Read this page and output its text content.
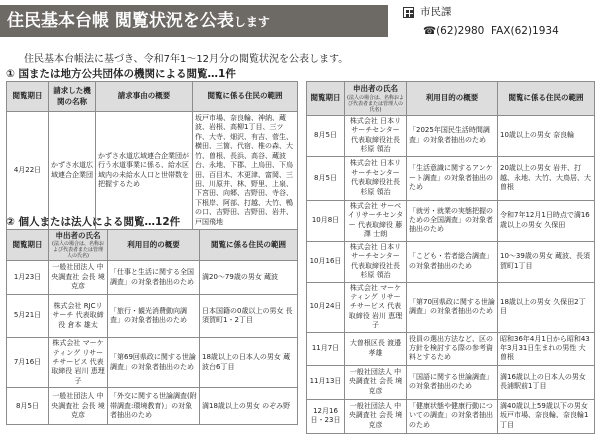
住民基本台帳 閲覧状況を公表します
市民課
☎(62)2980 FAX(62)1934
住民基本台帳法に基づき、令和7年1〜12月分の閲覧状況を公表します。
① 国または地方公共団体の機関による閲覧…1件
閲覧期日	請求した機関の名称	請求事由の概要	閲覧に係る住民の範囲
4月22日	かずさ水道広域連合企業団	かずさ水道広域連合企業団が行う水道事業に係る、給水区域内の未給水人口と世帯数を把握するため	坂戸市場、奈良輪、神納、蔵波、岩根、高柳1丁目、三ツ作、大寺、畑沢、有吉、菅生、横田、三箇、代宿、椎の森、大竹、曽根、長浜、高谷、蔵波台、永地、下郡、上烏田、下烏田、百目木、木更津、富岡、三田、川原井、林、野里、上泉、下宮田、向郷、吉野田、寺谷、下根岸、阿部、打越、大竹、鴨の口、吉野田、吉野田、岩井、戸国飛地
② 個人または法人による閲覧…12件
閲覧期日	申出者の氏名
(法人の場合は、名称および代表者または管理人の氏名)	利用目的の概要	閲覧に係る住民の範囲
1月23日	一般社団法人 中央調査社 会長 境 克彦	「仕事と生活に関する全国調査」の対象者抽出のため	満20〜79歳の男女 蔵波
5月21日	株式会社 RJCリサーチ 代表取締役 倉本 雄太	「旅行・観光消費動向調査」の対象者抽出のため	日本国籍の0歳以上の男女 長須賀町1・2丁目
7月16日	株式会社 マーケティング リサーチサービス 代表取締役 岩川 恵理子	「第69回県政に関する世論調査」の対象者抽出のため	18歳以上の日本人の男女 蔵波台6丁目
8月5日	一般社団法人 中央調査社 会長 境 克彦	「外交に関する世論調査(附帯調査:環境教育)」の対象者抽出のため	満18歳以上の男女 のぞみ野
閲覧期日	申出者の氏名
(法人の場合は、名称および代表者または管理人の氏名)	利用目的の概要	閲覧に係る住民の範囲
8月5日	株式会社 日本リサーチセンター 代表取締役社長 杉原 領治	「2025年国民生活時間調査」の対象者抽出のため	10歳以上の男女 奈良輪
8月5日	株式会社 日本リサーチセンター 代表取締役社長 杉原 領治	「生活意識に関するアンケート調査」の対象者抽出のため	20歳以上の男女 岩井、打越、永地、大竹、大鳥居、大曽根
10月8日	株式会社 サーベイリサーチセンター 代表取締役 藤澤 士朗	「就労・就業の実態把握のための全国調査」の対象者抽出のため	令和7年12月1日時点で満16歳以上の男女 久保田
10月16日	株式会社 日本リサーチセンター 代表取締役社長 杉原 領治	「こども・若者総合調査」の対象者抽出のため	10〜39歳の男女 蔵波、長須賀町1丁目
10月24日	株式会社 マーケティング リサーチサービス 代表取締役 岩川 恵理子	「第70回県政に関する世論調査」の対象者抽出のため	18歳以上の男女 久保田2丁目
11月7日	大曽根区長 渡邉 孝雄	役員の選出方法など、区の方針を検討する際の参考資料とするため	昭和36年4月1日から昭和43年3月31日生まれの男性 大曽根
11月13日	一般社団法人 中央調査社 会長 境 克彦	「国語に関する世論調査」の対象者抽出のため	満16歳以上の日本人の男女 長浦駅前1丁目
12月16日・23日	一般社団法人 中央調査社 会長 境 克彦	「健康状態や健康行動についての調査」の対象者抽出のため	満40歳以上59歳以下の男女 坂戸市場、奈良輪、奈良輪1丁目
